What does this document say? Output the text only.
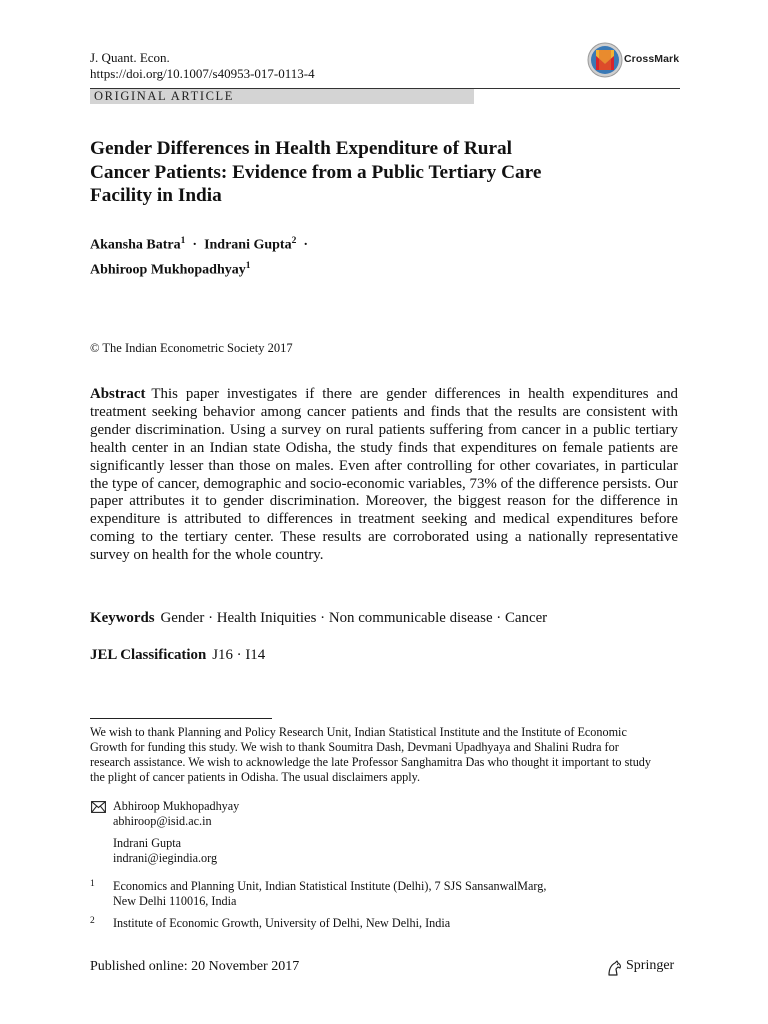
J. Quant. Econ.
https://doi.org/10.1007/s40953-017-0113-4
CrossMark
ORIGINAL ARTICLE
Gender Differences in Health Expenditure of Rural
Cancer Patients: Evidence from a Public Tertiary Care
Facility in India
Akansha Batra$^1$ · Indrani Gupta$^2$ ·
Abhiroop Mukhopadhyay$^1$
© The Indian Econometric Society 2017
Abstract This paper investigates if there are gender differences in health expenditures and treatment seeking behavior among cancer patients and finds that the results are consistent with gender discrimination. Using a survey on rural patients suffering from cancer in a public tertiary health center in an Indian state Odisha, the study finds that expenditures on female patients are significantly lesser than those on males. Even after controlling for other covariates, in particular the type of cancer, demographic and socio-economic variables, 73% of the difference persists. Our paper attributes it to gender discrimination. Moreover, the biggest reason for the difference in expenditure is attributed to differences in treatment seeking and medical expenditures before coming to the tertiary center. These results are corroborated using a nationally representative survey on health for the whole country.
Keywords Gender · Health Iniquities · Non communicable disease · Cancer
JEL Classification J16 · I14
We wish to thank Planning and Policy Research Unit, Indian Statistical Institute and the Institute of Economic Growth for funding this study. We wish to thank Soumitra Dash, Devmani Upadhyaya and Shalini Rudra for research assistance. We wish to acknowledge the late Professor Sanghamitra Das who thought it important to study the plight of cancer patients in Odisha. The usual disclaimers apply.
Abhiroop Mukhopadhyay
abhiroop@isid.ac.in
Indrani Gupta
indrani@iegindia.org
1 Economics and Planning Unit, Indian Statistical Institute (Delhi), 7 SJS SansanwalMarg,
New Delhi 110016, India
2 Institute of Economic Growth, University of Delhi, New Delhi, India
Published online: 20 November 2017	Springer
